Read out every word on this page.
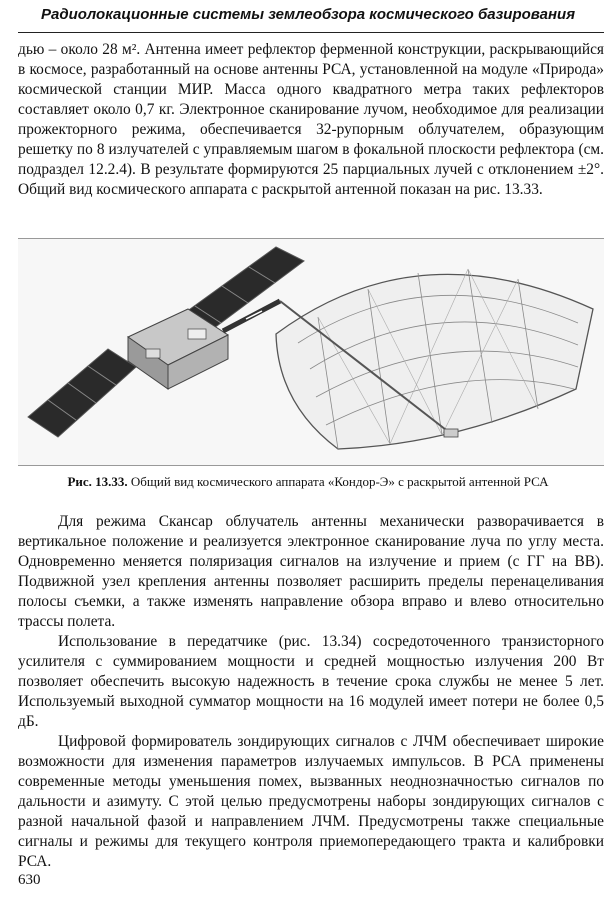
Радиолокационные системы землеобзора космического базирования

дью – около 28 м². Антенна имеет рефлектор ферменной конструкции, раскрывающийся в космосе, разработанный на основе антенны РСА, установленной на модуле «Природа» космической станции МИР. Масса одного квадратного метра таких рефлекторов составляет около 0,7 кг. Электронное сканирование лучом, необходимое для реализации прожекторного режима, обеспечивается 32-рупорным облучателем, образующим решетку по 8 излучателей с управляемым шагом в фокальной плоскости рефлектора (см. подраздел 12.2.4). В результате формируются 25 парциальных лучей с отклонением ±2°. Общий вид космического аппарата с раскрытой антенной показан на рис. 13.33.

Рис. 13.33. Общий вид космического аппарата «Кондор-Э» с раскрытой антенной РСА

Для режима Скансар облучатель антенны механически разворачивается в вертикальное положение и реализуется электронное сканирование луча по углу места. Одновременно меняется поляризация сигналов на излучение и прием (с ГГ на ВВ). Подвижной узел крепления антенны позволяет расширить пределы перенацеливания полосы съемки, а также изменять направление обзора вправо и влево относительно трассы полета.

Использование в передатчике (рис. 13.34) сосредоточенного транзисторного усилителя с суммированием мощности и средней мощностью излучения 200 Вт позволяет обеспечить высокую надежность в течение срока службы не менее 5 лет. Используемый выходной сумматор мощности на 16 модулей имеет потери не более 0,5 дБ.

Цифровой формирователь зондирующих сигналов с ЛЧМ обеспечивает широкие возможности для изменения параметров излучаемых импульсов. В РСА применены современные методы уменьшения помех, вызванных неоднозначностью сигналов по дальности и азимуту. С этой целью предусмотрены наборы зондирующих сигналов с разной начальной фазой и направлением ЛЧМ. Предусмотрены также специальные сигналы и режимы для текущего контроля приемопередающего тракта и калибровки РСА.

630
